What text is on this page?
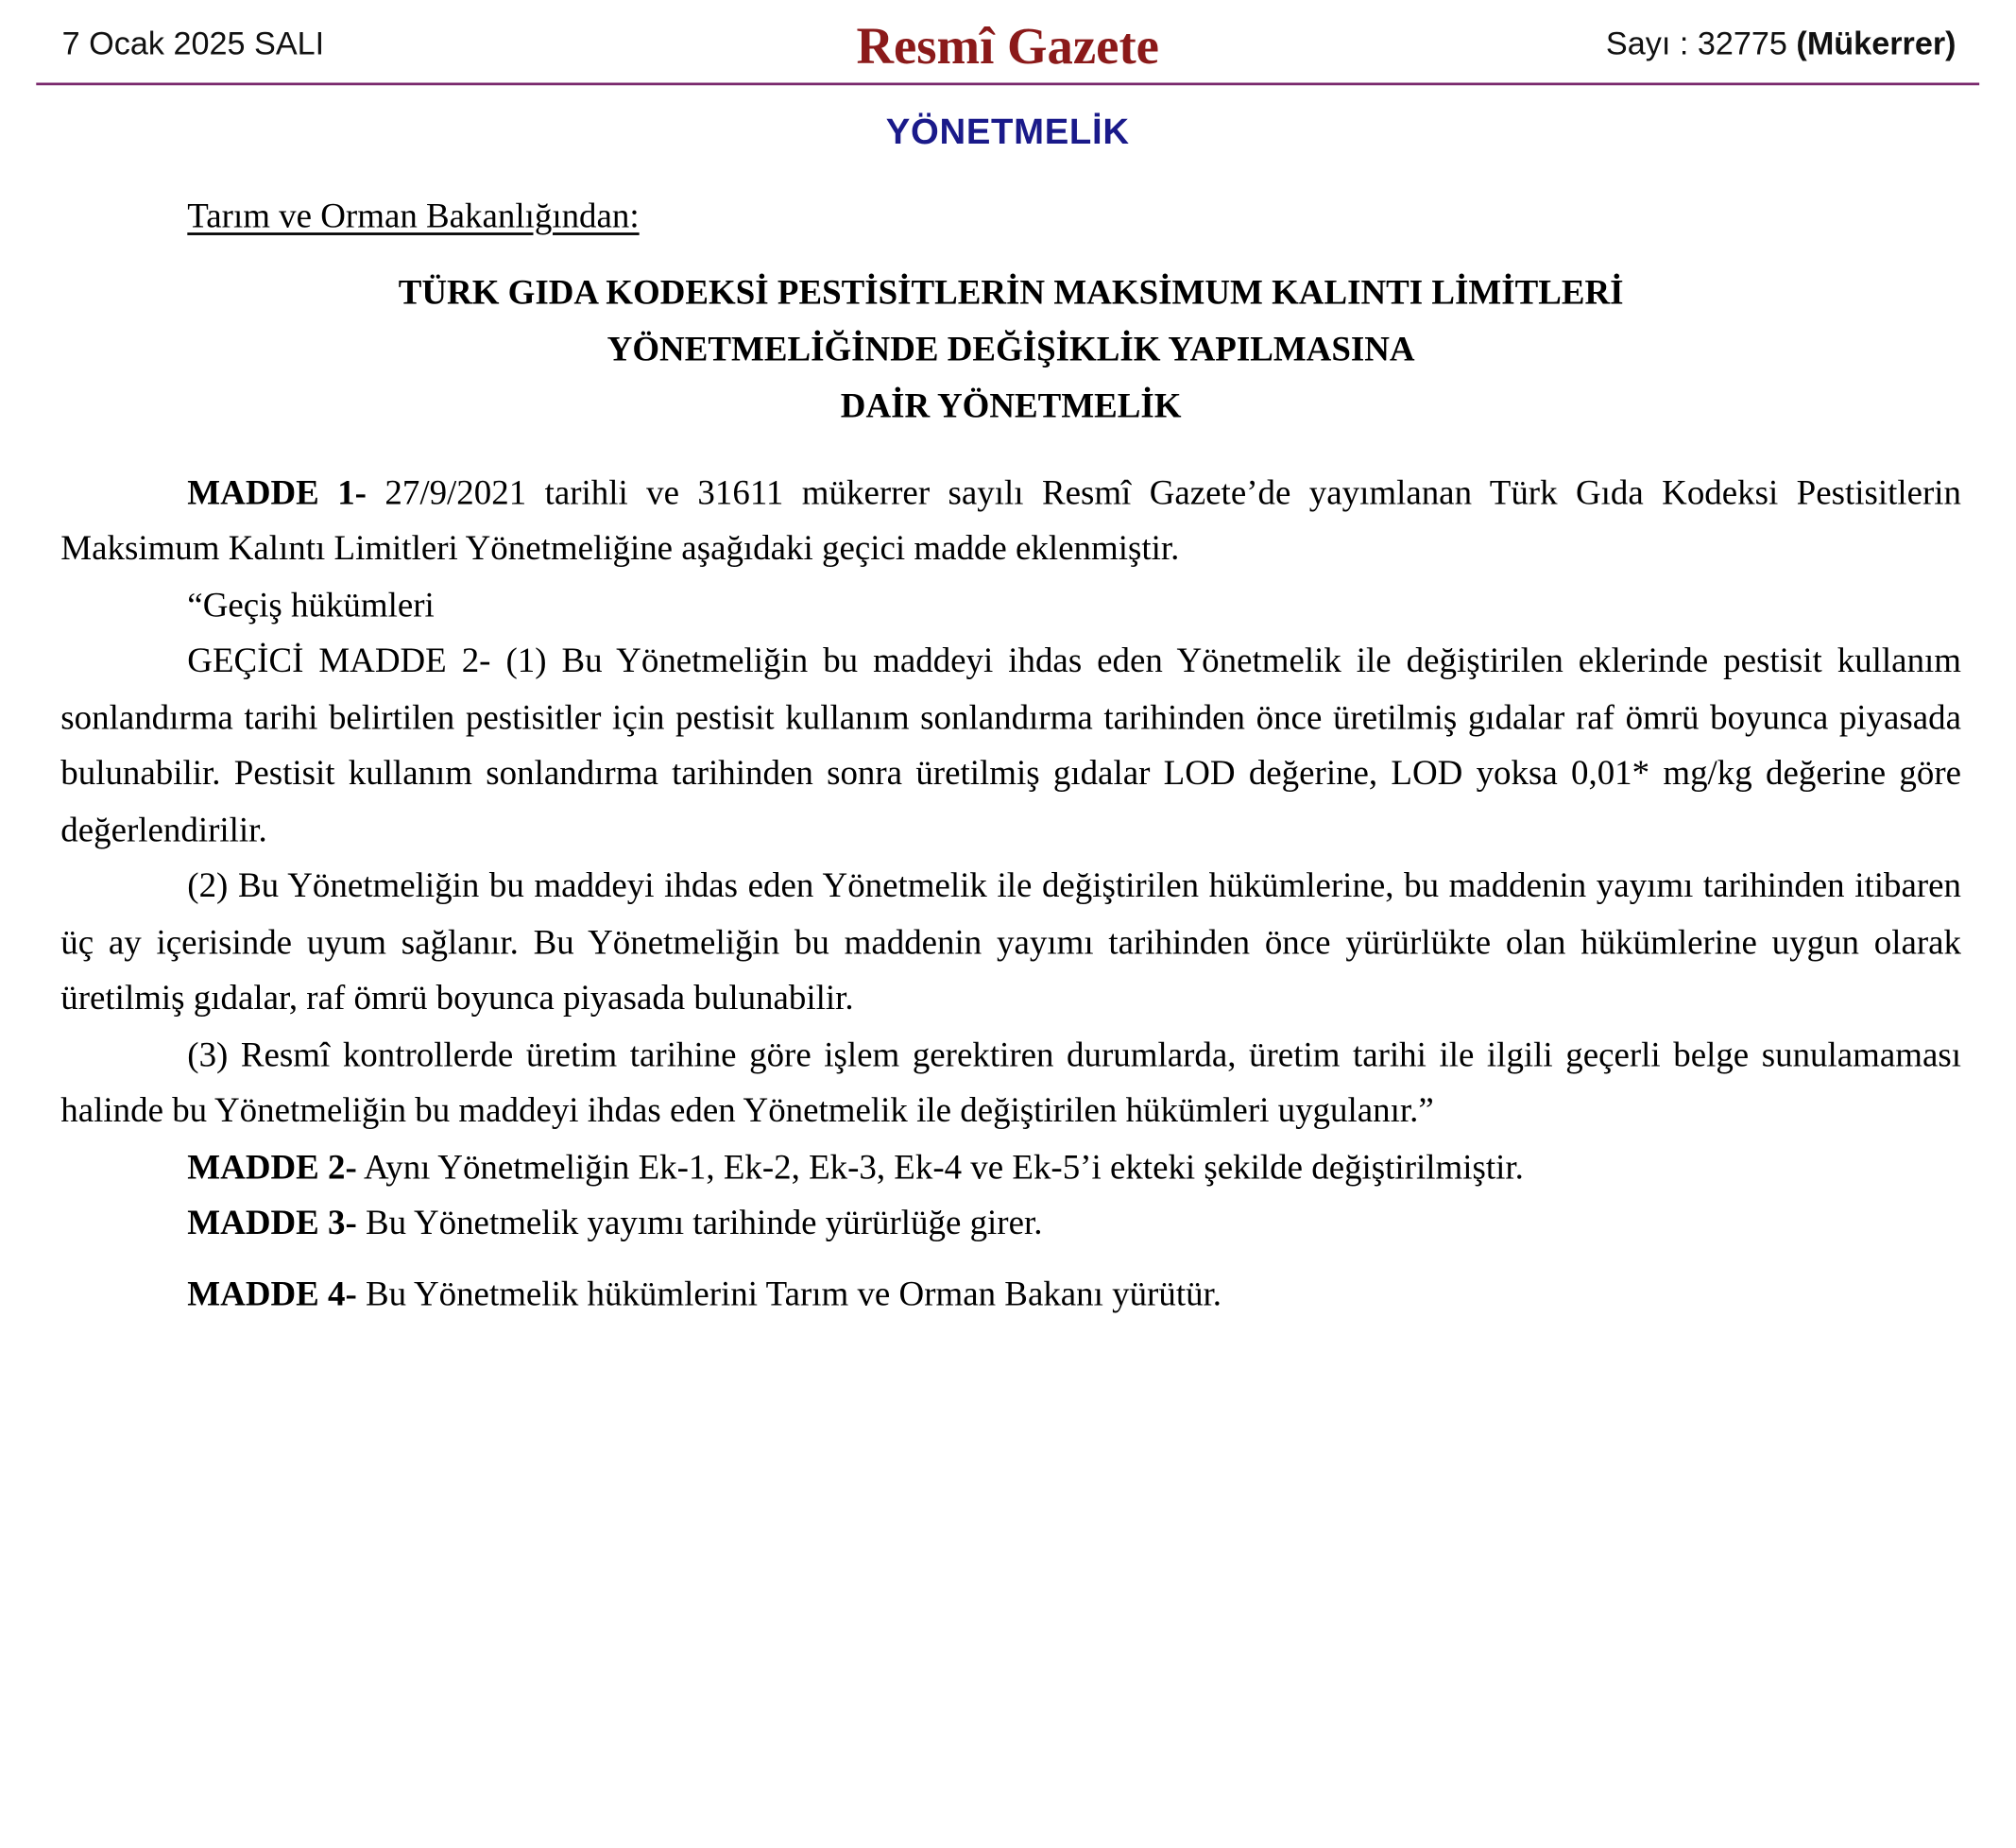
7 Ocak 2025 SALI	Resmî Gazete	Sayı : 32775 (Mükerrer)
YÖNETMELİK
Tarım ve Orman Bakanlığından:
TÜRK GIDA KODEKSİ PESTİSİTLERİN MAKSİMUM KALINTI LİMİTLERİ
YÖNETMELİĞİNDE DEĞİŞİKLİK YAPILMASINA
DAİR YÖNETMELİK
MADDE 1- 27/9/2021 tarihli ve 31611 mükerrer sayılı Resmî Gazete’de yayımlanan Türk Gıda Kodeksi Pestisitlerin Maksimum Kalıntı Limitleri Yönetmeliğine aşağıdaki geçici madde eklenmiştir.
“Geçiş hükümleri
GEÇİCİ MADDE 2- (1) Bu Yönetmeliğin bu maddeyi ihdas eden Yönetmelik ile değiştirilen eklerinde pestisit kullanım sonlandırma tarihi belirtilen pestisitler için pestisit kullanım sonlandırma tarihinden önce üretilmiş gıdalar raf ömrü boyunca piyasada bulunabilir. Pestisit kullanım sonlandırma tarihinden sonra üretilmiş gıdalar LOD değerine, LOD yoksa 0,01* mg/kg değerine göre değerlendirilir.
(2) Bu Yönetmeliğin bu maddeyi ihdas eden Yönetmelik ile değiştirilen hükümlerine, bu maddenin yayımı tarihinden itibaren üç ay içerisinde uyum sağlanır. Bu Yönetmeliğin bu maddenin yayımı tarihinden önce yürürlükte olan hükümlerine uygun olarak üretilmiş gıdalar, raf ömrü boyunca piyasada bulunabilir.
(3) Resmî kontrollerde üretim tarihine göre işlem gerektiren durumlarda, üretim tarihi ile ilgili geçerli belge sunulamaması halinde bu Yönetmeliğin bu maddeyi ihdas eden Yönetmelik ile değiştirilen hükümleri uygulanır.”
MADDE 2- Aynı Yönetmeliğin Ek-1, Ek-2, Ek-3, Ek-4 ve Ek-5’i ekteki şekilde değiştirilmiştir.
MADDE 3- Bu Yönetmelik yayımı tarihinde yürürlüğe girer.
MADDE 4- Bu Yönetmelik hükümlerini Tarım ve Orman Bakanı yürütür.
